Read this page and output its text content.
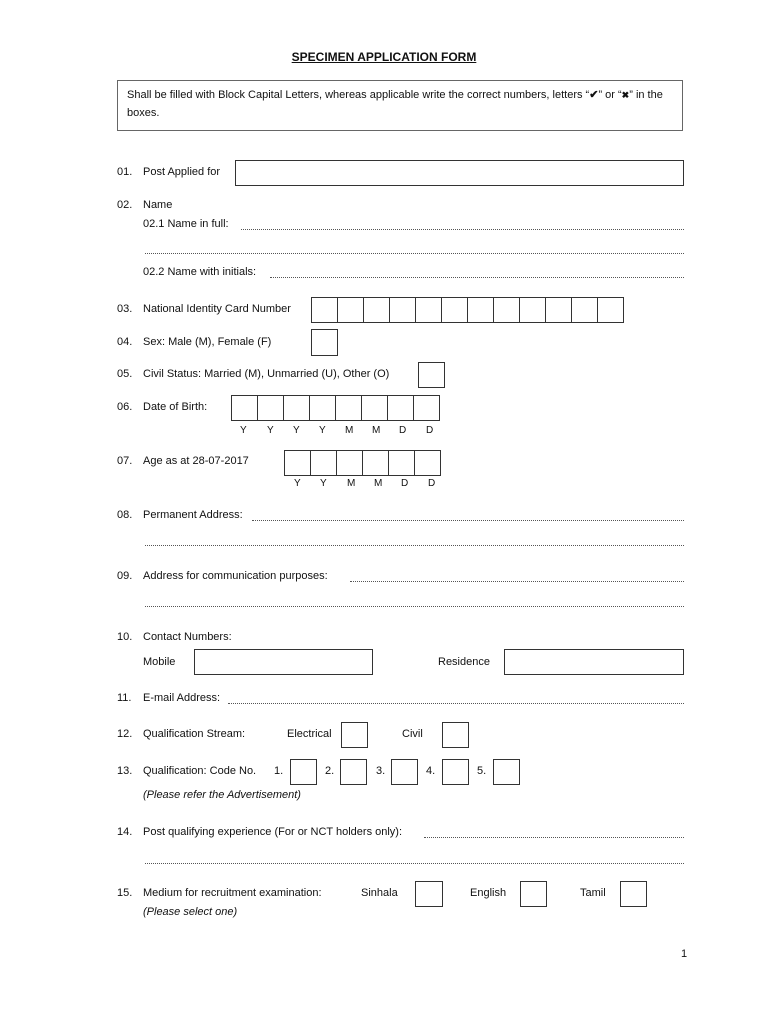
SPECIMEN APPLICATION FORM
Shall be filled with Block Capital Letters, whereas applicable write the correct numbers, letters “✔” or “✖” in the boxes.
01. Post Applied for
02. Name
02.1 Name in full:
02.2 Name with initials:
03. National Identity Card Number
04. Sex: Male (M), Female (F)
05. Civil Status: Married (M), Unmarried (U), Other (O)
06. Date of Birth:
Y Y Y Y M M D D
07. Age as at 28-07-2017
Y Y M M D D
08. Permanent Address:
09. Address for communication purposes:
10. Contact Numbers:
Mobile	Residence
11. E-mail Address:
12. Qualification Stream:	Electrical	Civil
13. Qualification: Code No. 1.	2.	3.	4.	5.
(Please refer the Advertisement)
14. Post qualifying experience (For or NCT holders only):
15. Medium for recruitment examination:	Sinhala	English	Tamil
(Please select one)
1
